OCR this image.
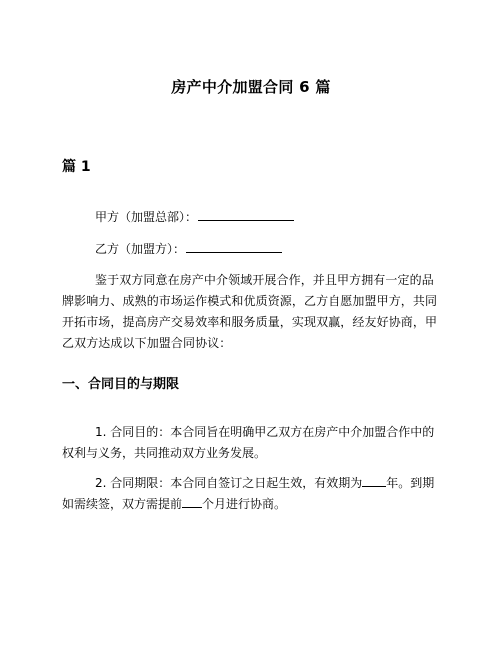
房产中介加盟合同 6 篇
篇 1
甲方（加盟总部）：
乙方（加盟方）：
鉴于双方同意在房产中介领域开展合作，并且甲方拥有一定的品牌影响力、成熟的市场运作模式和优质资源，乙方自愿加盟甲方，共同开拓市场，提高房产交易效率和服务质量，实现双赢，经友好协商，甲乙双方达成以下加盟合同协议：
一、合同目的与期限
1. 合同目的：本合同旨在明确甲乙双方在房产中介加盟合作中的权利与义务，共同推动双方业务发展。
2. 合同期限：本合同自签订之日起生效，有效期为 年。到期如需续签，双方需提前 个月进行协商。
